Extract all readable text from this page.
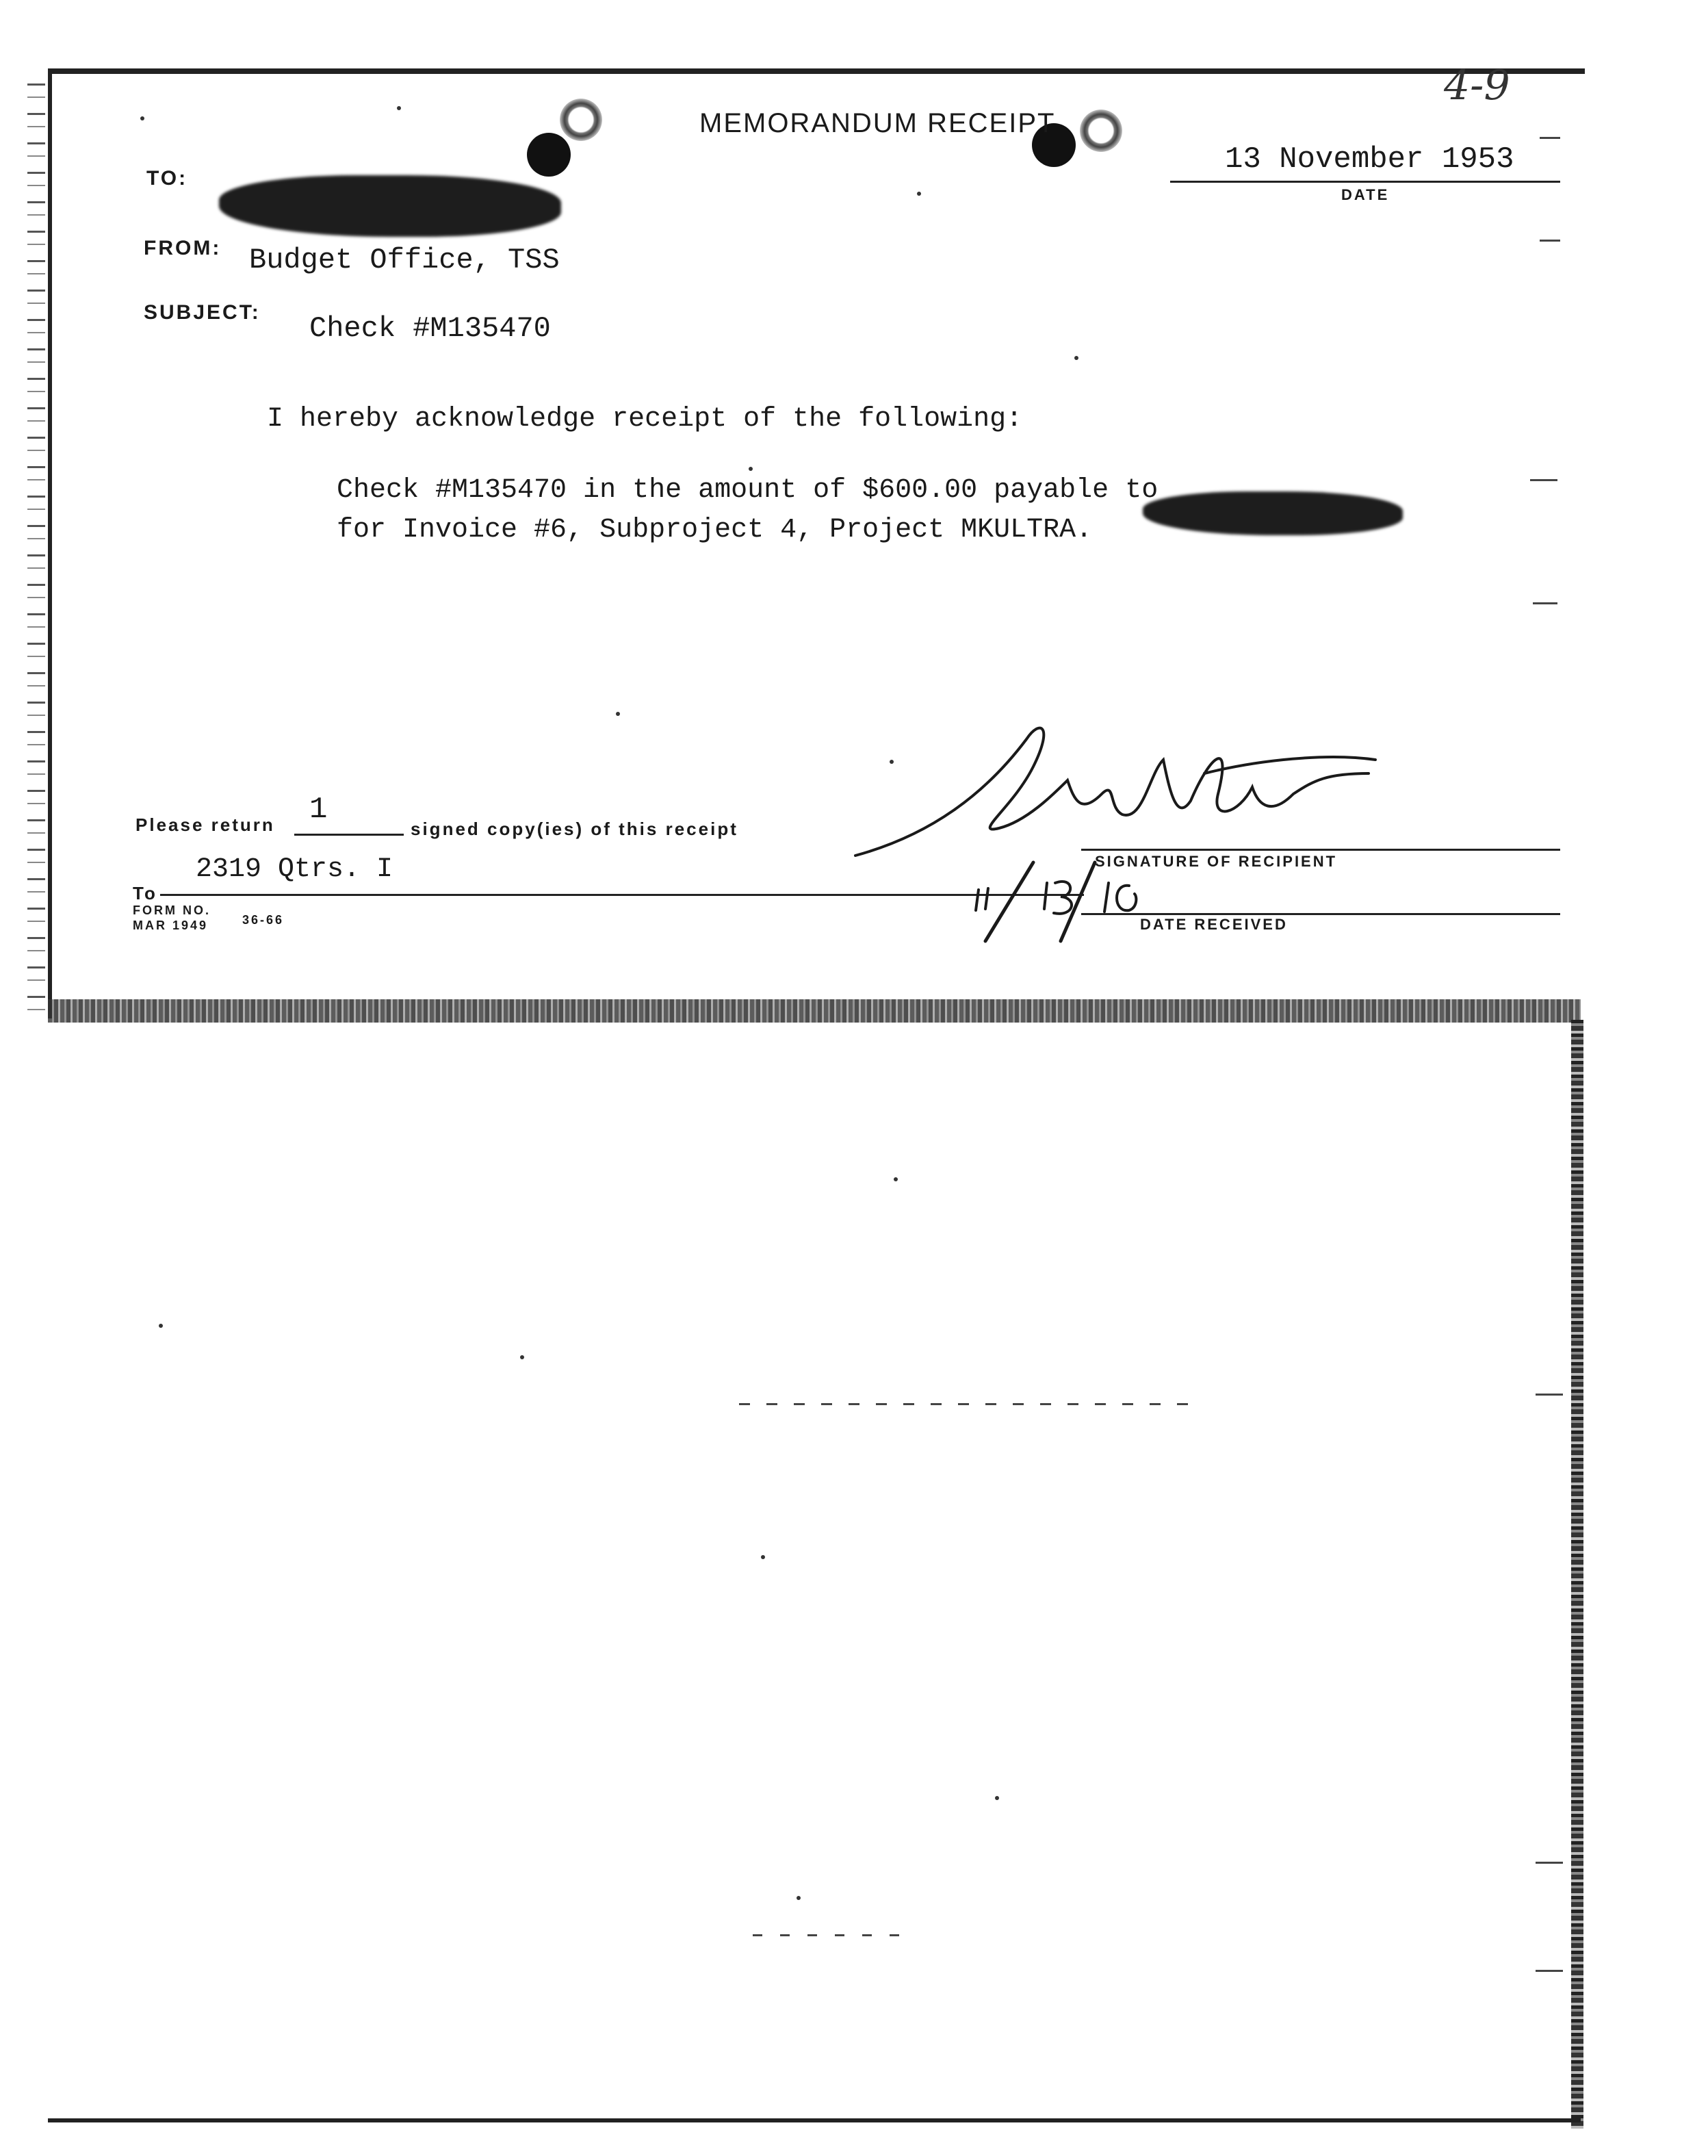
4-9
MEMORANDUM RECEIPT
13 November 1953
DATE
TO:
FROM: Budget Office, TSS
SUBJECT: Check #M135470
I hereby acknowledge receipt of the following:
Check #M135470 in the amount of $600.00 payable to
for Invoice #6, Subproject 4, Project MKULTRA.
Please return 1
signed copy(ies) of this receipt
To
2319 Qtrs. I
FORM NO.
MAR 1949	36-66
SIGNATURE OF RECIPIENT
DATE RECEIVED
